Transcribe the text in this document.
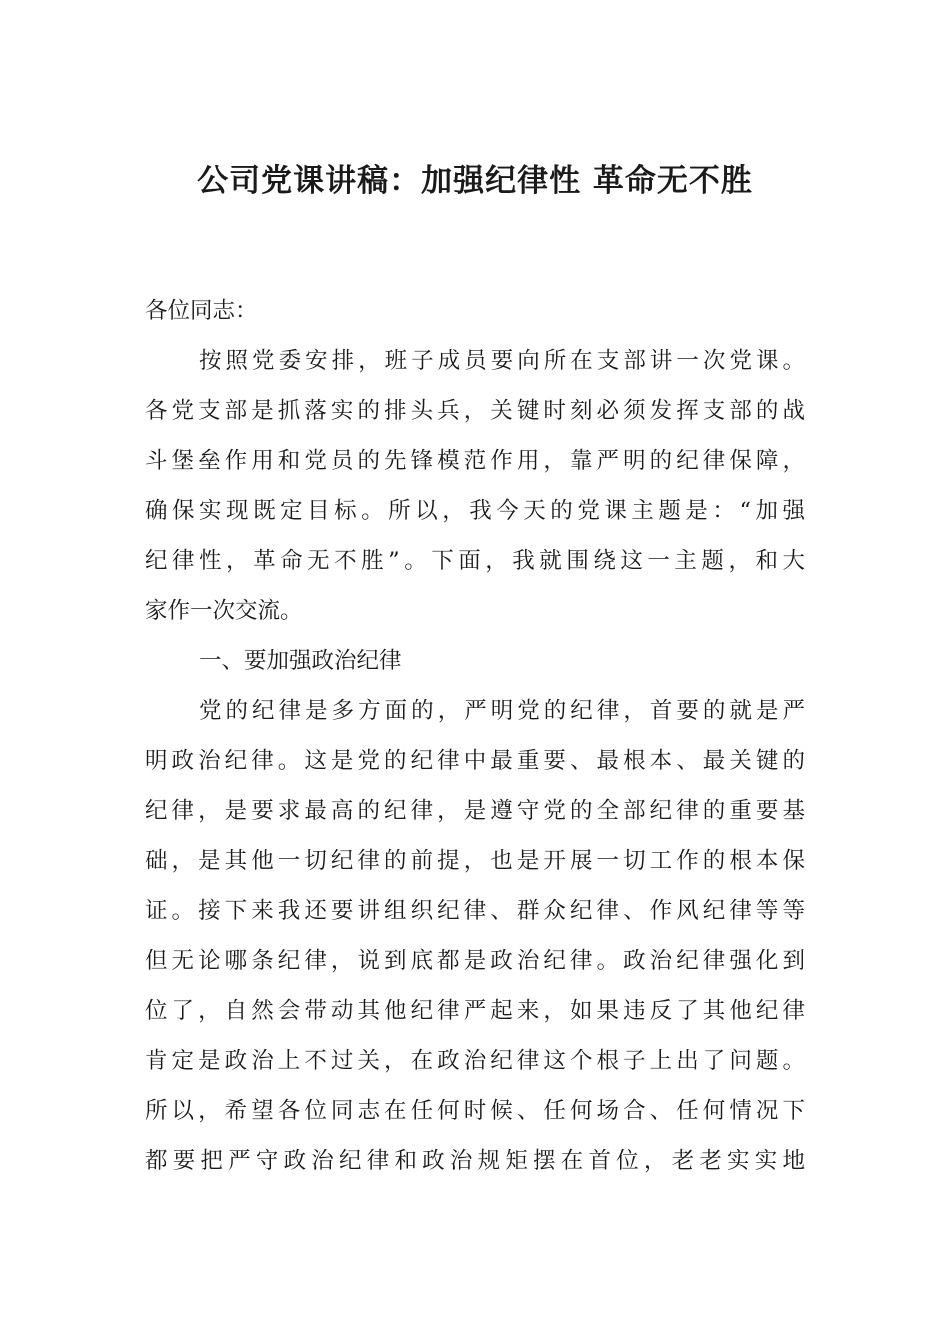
公司党课讲稿：加强纪律性 革命无不胜
各位同志：
按照党委安排，班子成员要向所在支部讲一次党课。
各党支部是抓落实的排头兵，关键时刻必须发挥支部的战
斗堡垒作用和党员的先锋模范作用，靠严明的纪律保障，
确保实现既定目标。所以，我今天的党课主题是：“加强
纪律性，革命无不胜”。下面，我就围绕这一主题，和大
家作一次交流。
一、要加强政治纪律
党的纪律是多方面的，严明党的纪律，首要的就是严
明政治纪律。这是党的纪律中最重要、最根本、最关键的
纪律，是要求最高的纪律，是遵守党的全部纪律的重要基
础，是其他一切纪律的前提，也是开展一切工作的根本保
证。接下来我还要讲组织纪律、群众纪律、作风纪律等等
但无论哪条纪律，说到底都是政治纪律。政治纪律强化到
位了，自然会带动其他纪律严起来，如果违反了其他纪律
肯定是政治上不过关，在政治纪律这个根子上出了问题。
所以，希望各位同志在任何时候、任何场合、任何情况下
都要把严守政治纪律和政治规矩摆在首位，老老实实地
